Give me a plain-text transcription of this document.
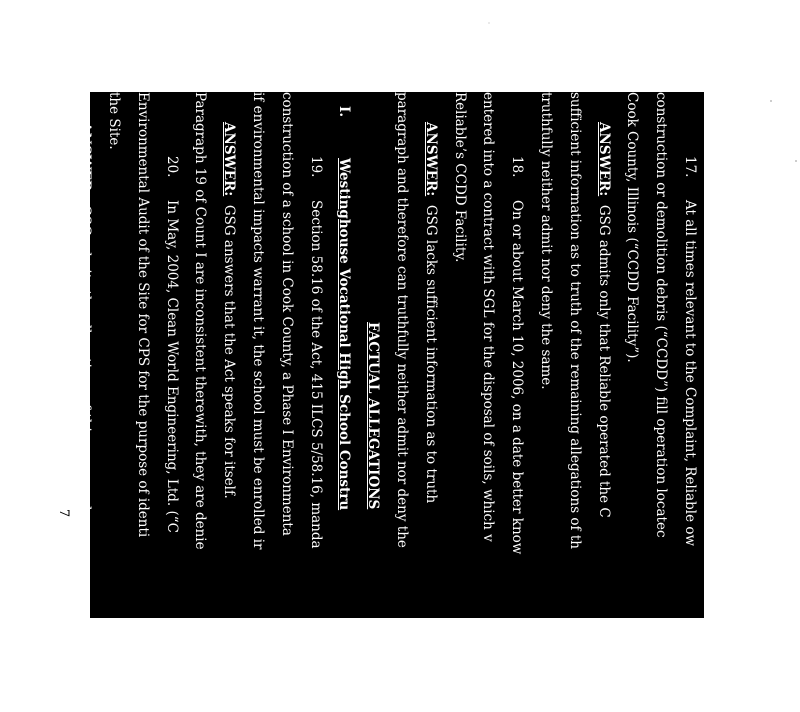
17.At all times relevant to the Complaint, Reliable ow
construction or demolition debris (“CCDD”) fill operation locatec
Cook County, Illinois (“CCDD Facility”).
ANSWER:  GSG admits only that Reliable operated the C
sufficient information as to truth of the remaining allegations of th
truthfully neither admit nor deny the same.
18.On or about March 10, 2006, on a date better know
entered into a contract with SGL for the disposal of soils, which v
Reliable’s CCDD Facility.
ANSWER:  GSG lacks sufficient information as to truth
paragraph and therefore can truthfully neither admit nor deny the
FACTUAL ALLEGATIONS
I.Westinghouse Vocational High School Constru
19.Section 58.16 of the Act, 415 ILCS 5/58.16, manda
construction of a school in Cook County, a Phase I Environmenta
if environmental impacts warrant it, the school must be enrolled ir
ANSWER:  GSG answers that the Act speaks for itself.
Paragraph 19 of Count I are inconsistent therewith, they are denie
20.In May, 2004, Clean World Engineering, Ltd. (“C
Environmental Audit of the Site for CPS for the purpose of identi
the Site.
ANSWER:  GSG admits the allegations of this paragraph
7
